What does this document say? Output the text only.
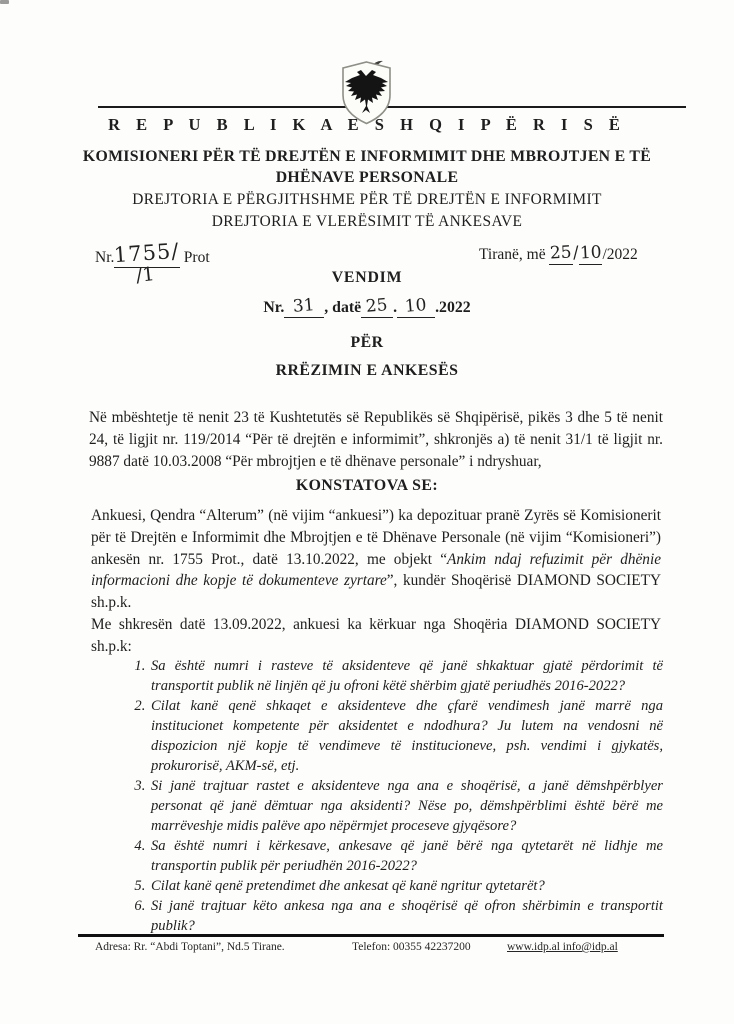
R E P U B L I K A E S H Q I P Ë R I S Ë
KOMISIONERI PËR TË DREJTËN E INFORMIMIT DHE MBROJTJEN E TË
DHËNAVE PERSONALE
DREJTORIA E PËRGJITHSHME PËR TË DREJTËN E INFORMIMIT
DREJTORIA E VLERËSIMIT TË ANKESAVE
Nr.1755/ Prot
/1
Tiranë, më 25/10/2022
VENDIM
Nr. 31 , datë 25 . 10 .2022
PËR
RRËZIMIN E ANKESËS

Në mbështetje të nenit 23 të Kushtetutës së Republikës së Shqipërisë, pikës 3 dhe 5 të nenit 24, të ligjit nr. 119/2014 “Për të drejtën e informimit”, shkronjës a) të nenit 31/1 të ligjit nr. 9887 datë 10.03.2008 “Për mbrojtjen e të dhënave personale” i ndryshuar,

KONSTATOVA SE:
Ankuesi, Qendra “Alterum” (në vijim “ankuesi”) ka depozituar pranë Zyrës së Komisionerit për të Drejtën e Informimit dhe Mbrojtjen e të Dhënave Personale (në vijim “Komisioneri”) ankesën nr. 1755 Prot., datë 13.10.2022, me objekt “Ankim ndaj refuzimit për dhënie informacioni dhe kopje të dokumenteve zyrtare”, kundër Shoqërisë DIAMOND SOCIETY sh.p.k.
Me shkresën datë 13.09.2022, ankuesi ka kërkuar nga Shoqëria DIAMOND SOCIETY sh.p.k:
1. Sa është numri i rasteve të aksidenteve që janë shkaktuar gjatë përdorimit të transportit publik në linjën që ju ofroni këtë shërbim gjatë periudhës 2016-2022?
2. Cilat kanë qenë shkaqet e aksidenteve dhe çfarë vendimesh janë marrë nga institucionet kompetente për aksidentet e ndodhura? Ju lutem na vendosni në dispozicion një kopje të vendimeve të institucioneve, psh. vendimi i gjykatës, prokurorisë, AKM-së, etj.
3. Si janë trajtuar rastet e aksidenteve nga ana e shoqërisë, a janë dëmshpërblyer personat që janë dëmtuar nga aksidenti? Nëse po, dëmshpërblimi është bërë me marrëveshje midis palëve apo nëpërmjet proceseve gjyqësore?
4. Sa është numri i kërkesave, ankesave që janë bërë nga qytetarët në lidhje me transportin publik për periudhën 2016-2022?
5. Cilat kanë qenë pretendimet dhe ankesat që kanë ngritur qytetarët?
6. Si janë trajtuar këto ankesa nga ana e shoqërisë që ofron shërbimin e transportit publik?
Adresa: Rr. “Abdi Toptani”, Nd.5 Tirane.	Telefon: 00355 42237200	www.idp.al info@idp.al
